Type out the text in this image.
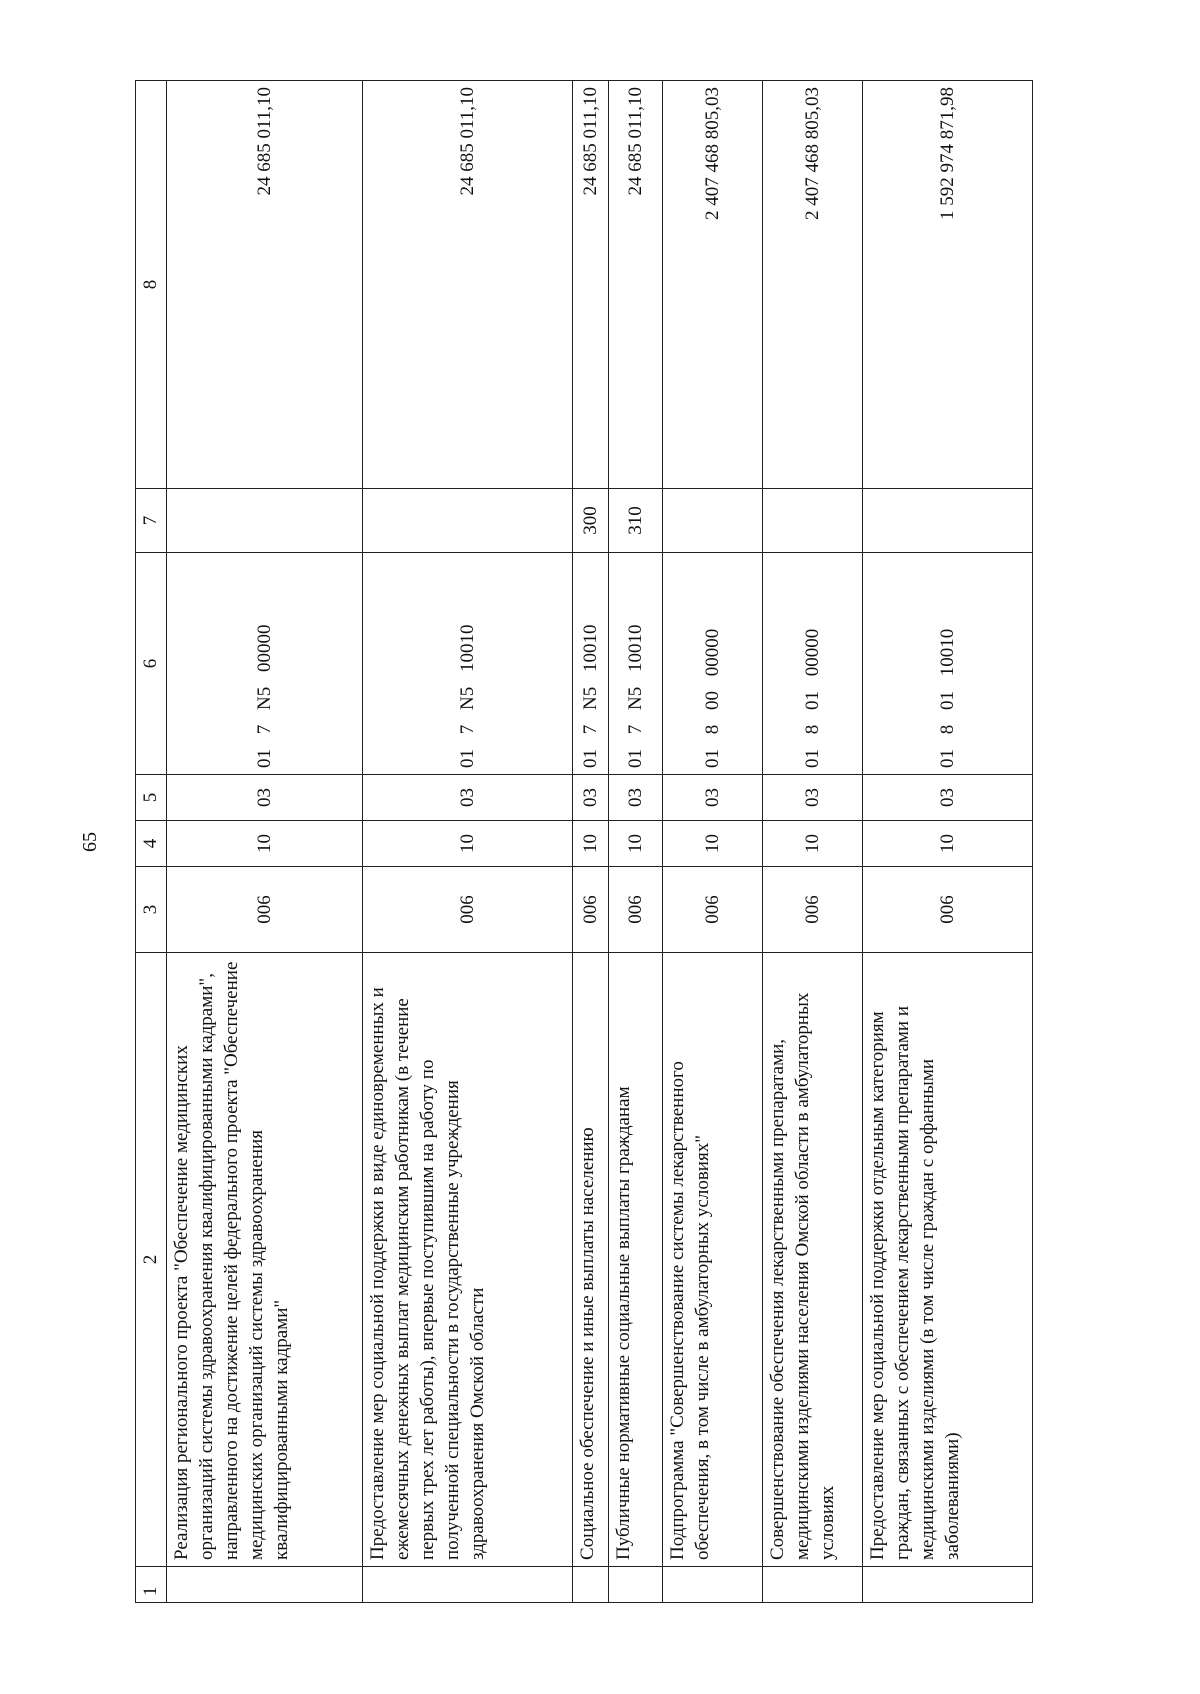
65
1	2	3	4	5	6	7	8
	Реализация регионального проекта "Обеспечение медицинских организаций системы здравоохранения квалифицированными кадрами", направленного на достижение целей федерального проекта "Обеспечение медицинских организаций системы здравоохранения квалифицированными кадрами"	006	10	03	01 7 N5 00000		24 685 011,10
	Предоставление мер социальной поддержки в виде единовременных и ежемесячных денежных выплат медицинским работникам (в течение первых трех лет работы), впервые поступившим на работу по полученной специальности в государственные учреждения здравоохранения Омской области	006	10	03	01 7 N5 10010		24 685 011,10
	Социальное обеспечение и иные выплаты населению	006	10	03	01 7 N5 10010	300	24 685 011,10
	Публичные нормативные социальные выплаты гражданам	006	10	03	01 7 N5 10010	310	24 685 011,10
	Подпрограмма "Совершенствование системы лекарственного обеспечения, в том числе в амбулаторных условиях"	006	10	03	01 8 00 00000		2 407 468 805,03
	Совершенствование обеспечения лекарственными препаратами, медицинскими изделиями населения Омской области в амбулаторных условиях	006	10	03	01 8 01 00000		2 407 468 805,03
	Предоставление мер социальной поддержки отдельным категориям граждан, связанных с обеспечением лекарственными препаратами и медицинскими изделиями (в том числе граждан с орфанными заболеваниями)	006	10	03	01 8 01 10010		1 592 974 871,98
